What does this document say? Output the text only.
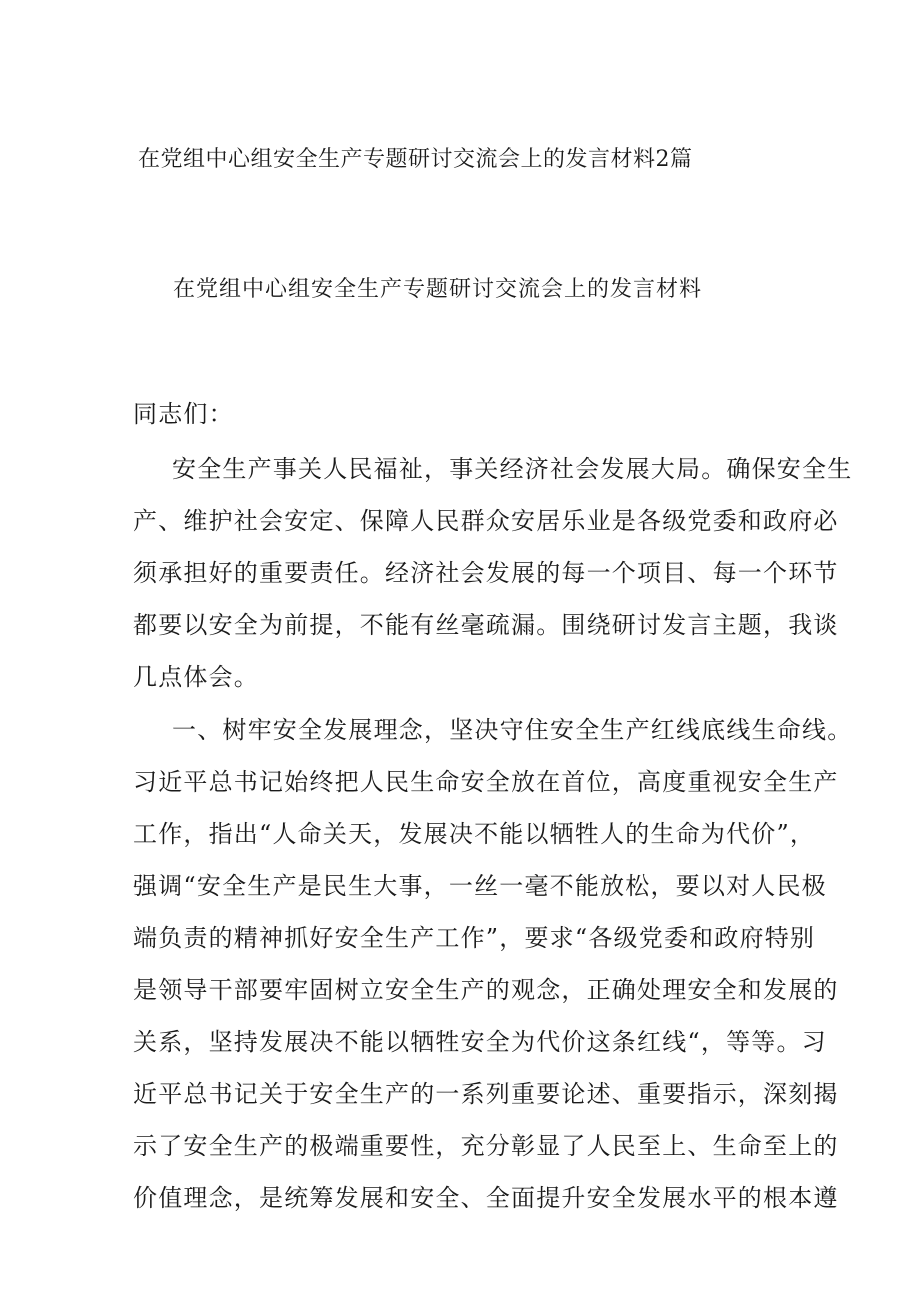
在党组中心组安全生产专题研讨交流会上的发言材料2篇
在党组中心组安全生产专题研讨交流会上的发言材料

同志们：

安全生产事关人民福祉，事关经济社会发展大局。确保安全生

产、维护社会安定、保障人民群众安居乐业是各级党委和政府必

须承担好的重要责任。经济社会发展的每一个项目、每一个环节

都要以安全为前提，不能有丝毫疏漏。围绕研讨发言主题，我谈

几点体会。

一、树牢安全发展理念，坚决守住安全生产红线底线生命线。

习近平总书记始终把人民生命安全放在首位，高度重视安全生产

工作，指出“人命关天，发展决不能以牺牲人的生命为代价”，

强调“安全生产是民生大事，一丝一毫不能放松，要以对人民极

端负责的精神抓好安全生产工作”，要求“各级党委和政府特别

是领导干部要牢固树立安全生产的观念，正确处理安全和发展的

关系，坚持发展决不能以牺牲安全为代价这条红线“，等等。习

近平总书记关于安全生产的一系列重要论述、重要指示，深刻揭

示了安全生产的极端重要性，充分彰显了人民至上、生命至上的

价值理念，是统筹发展和安全、全面提升安全发展水平的根本遵
